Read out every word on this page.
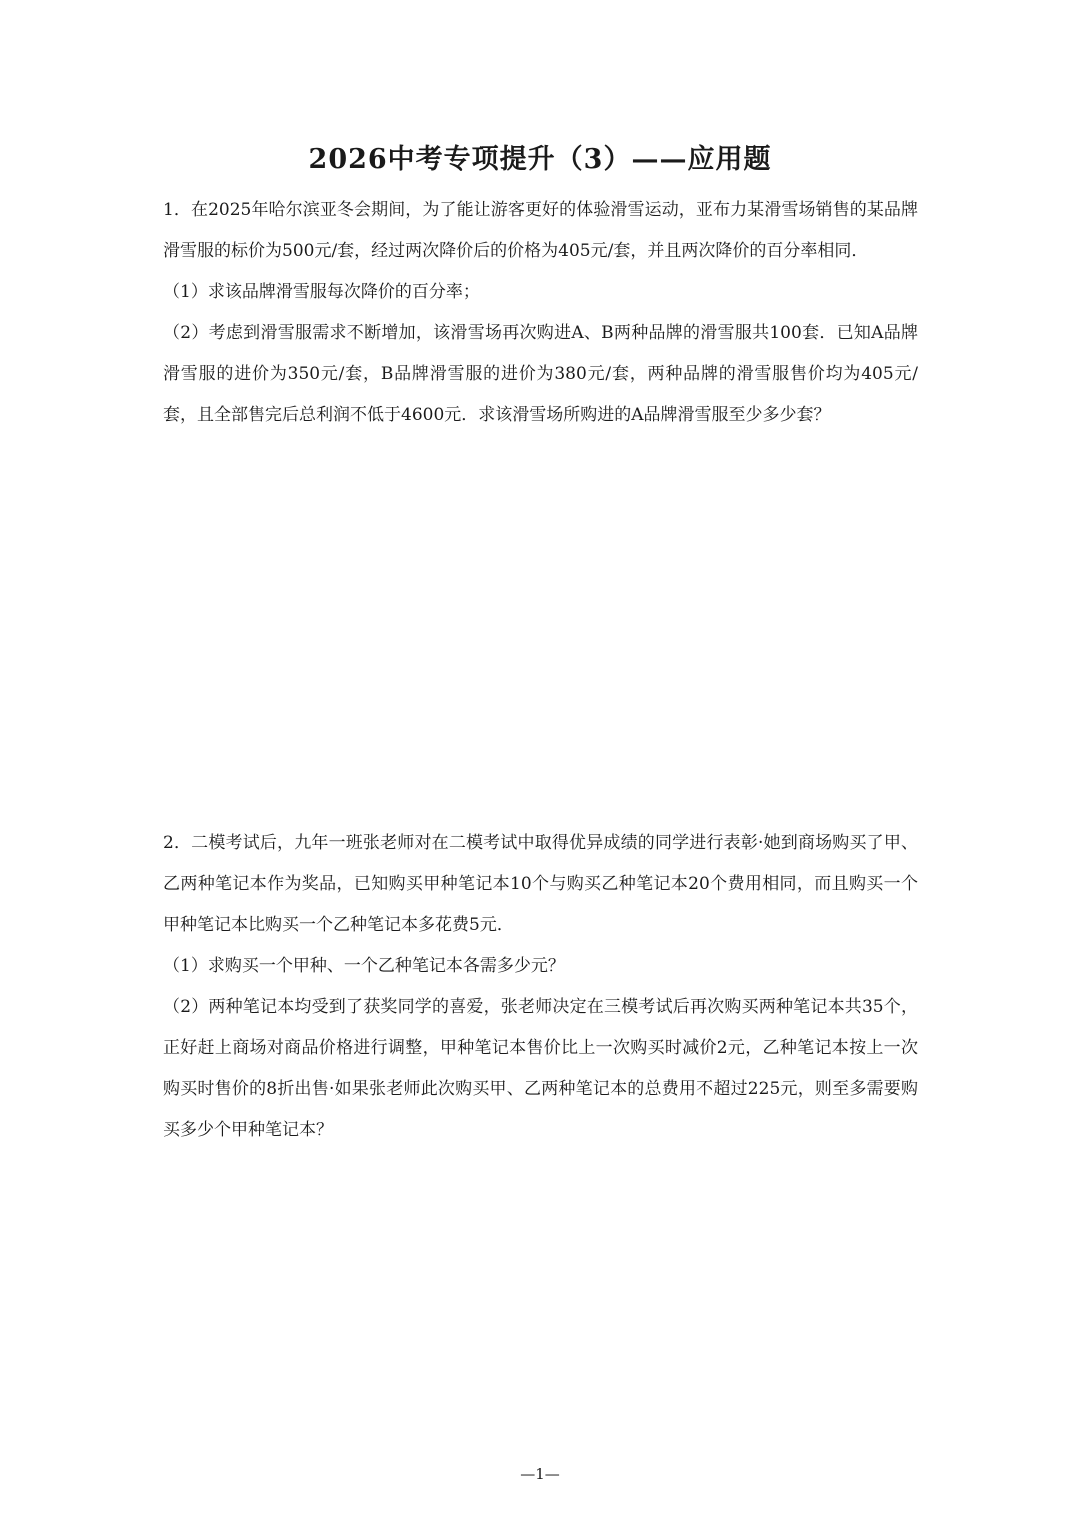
2026中考专项提升（3）——应用题

1．在2025年哈尔滨亚冬会期间，为了能让游客更好的体验滑雪运动，亚布力某滑雪场销售的某品牌滑雪服的标价为500元/套，经过两次降价后的价格为405元/套，并且两次降价的百分率相同．

（1）求该品牌滑雪服每次降价的百分率；

（2）考虑到滑雪服需求不断增加，该滑雪场再次购进A、B两种品牌的滑雪服共100套．已知A品牌滑雪服的进价为350元/套，B品牌滑雪服的进价为380元/套，两种品牌的滑雪服售价均为405元/套，且全部售完后总利润不低于4600元．求该滑雪场所购进的A品牌滑雪服至少多少套？

2．二模考试后，九年一班张老师对在二模考试中取得优异成绩的同学进行表彰·她到商场购买了甲、乙两种笔记本作为奖品，已知购买甲种笔记本10个与购买乙种笔记本20个费用相同，而且购买一个甲种笔记本比购买一个乙种笔记本多花费5元．

（1）求购买一个甲种、一个乙种笔记本各需多少元？

（2）两种笔记本均受到了获奖同学的喜爱，张老师决定在三模考试后再次购买两种笔记本共35个，正好赶上商场对商品价格进行调整，甲种笔记本售价比上一次购买时减价2元，乙种笔记本按上一次购买时售价的8折出售·如果张老师此次购买甲、乙两种笔记本的总费用不超过225元，则至多需要购买多少个甲种笔记本？

—1—
